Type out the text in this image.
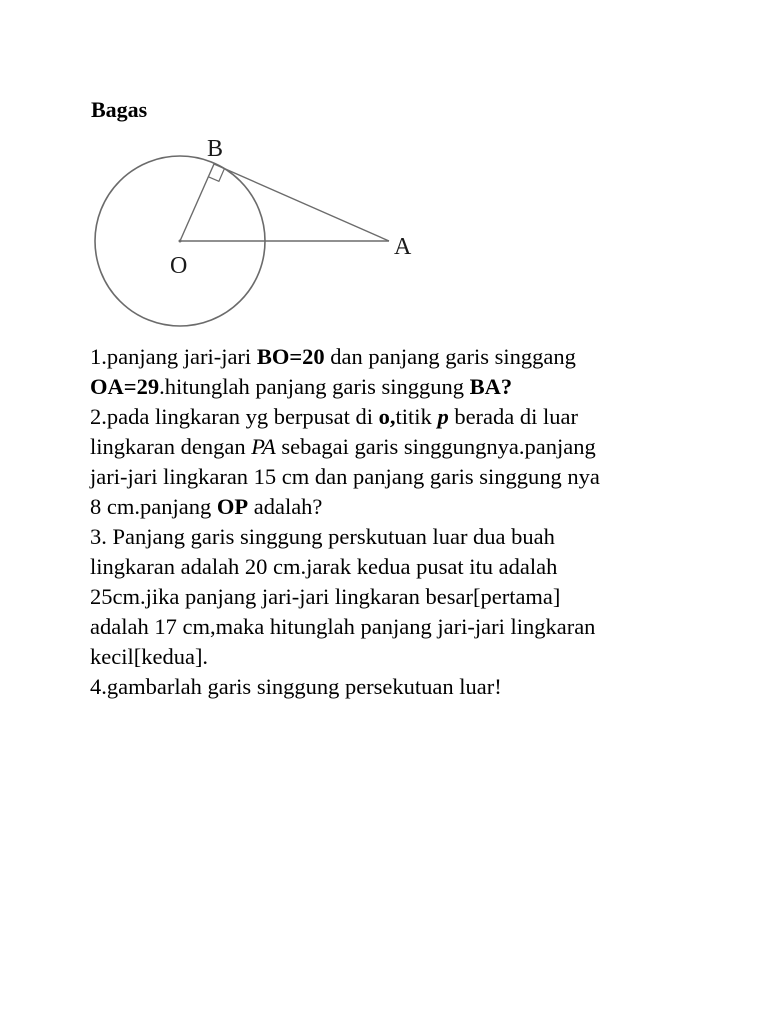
Bagas
B
O
A
1.panjang jari-jari BO=20 dan panjang garis singgang
OA=29.hitunglah panjang garis singgung BA?
2.pada lingkaran yg berpusat di o,titik p berada di luar
lingkaran dengan PA sebagai garis singgungnya.panjang
jari-jari lingkaran 15 cm dan panjang garis singgung nya
8 cm.panjang OP adalah?
3. Panjang garis singgung perskutuan luar dua buah
lingkaran adalah 20 cm.jarak kedua pusat itu adalah
25cm.jika panjang jari-jari lingkaran besar[pertama]
adalah 17 cm,maka hitunglah panjang jari-jari lingkaran
kecil[kedua].
4.gambarlah garis singgung persekutuan luar!
